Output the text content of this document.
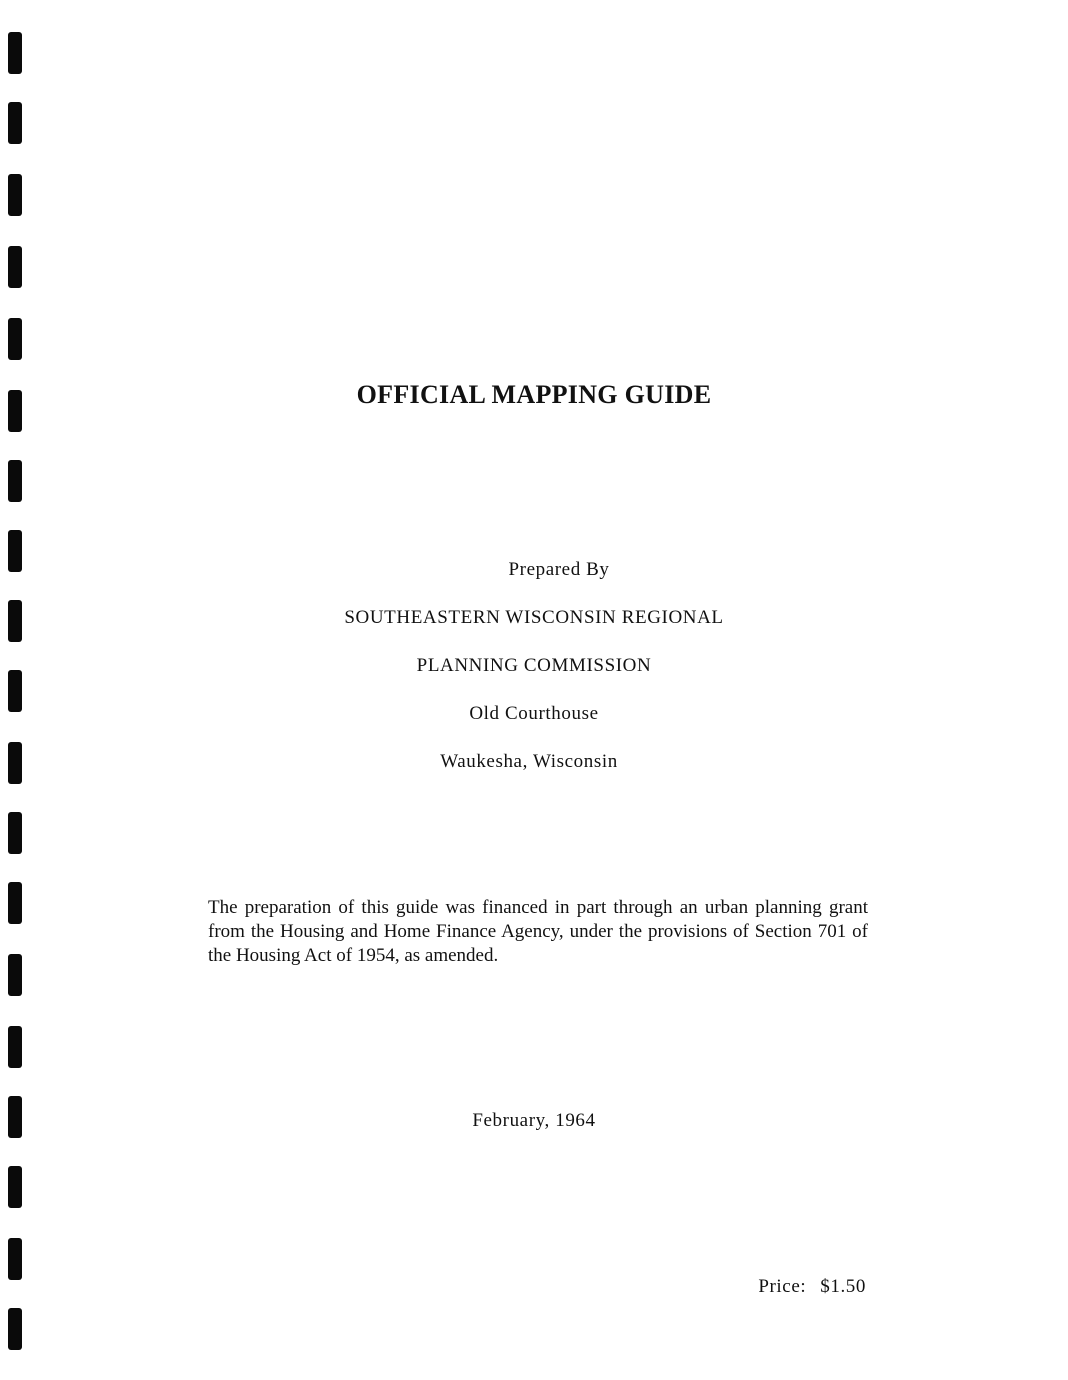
OFFICIAL MAPPING GUIDE
Prepared By
SOUTHEASTERN WISCONSIN REGIONAL
PLANNING COMMISSION
Old Courthouse
Waukesha, Wisconsin

The preparation of this guide was financed in part through an urban planning grant from the Housing and Home Finance Agency, under the provisions of Section 701 of the Housing Act of 1954, as amended.

February, 1964

Price: $1.50
